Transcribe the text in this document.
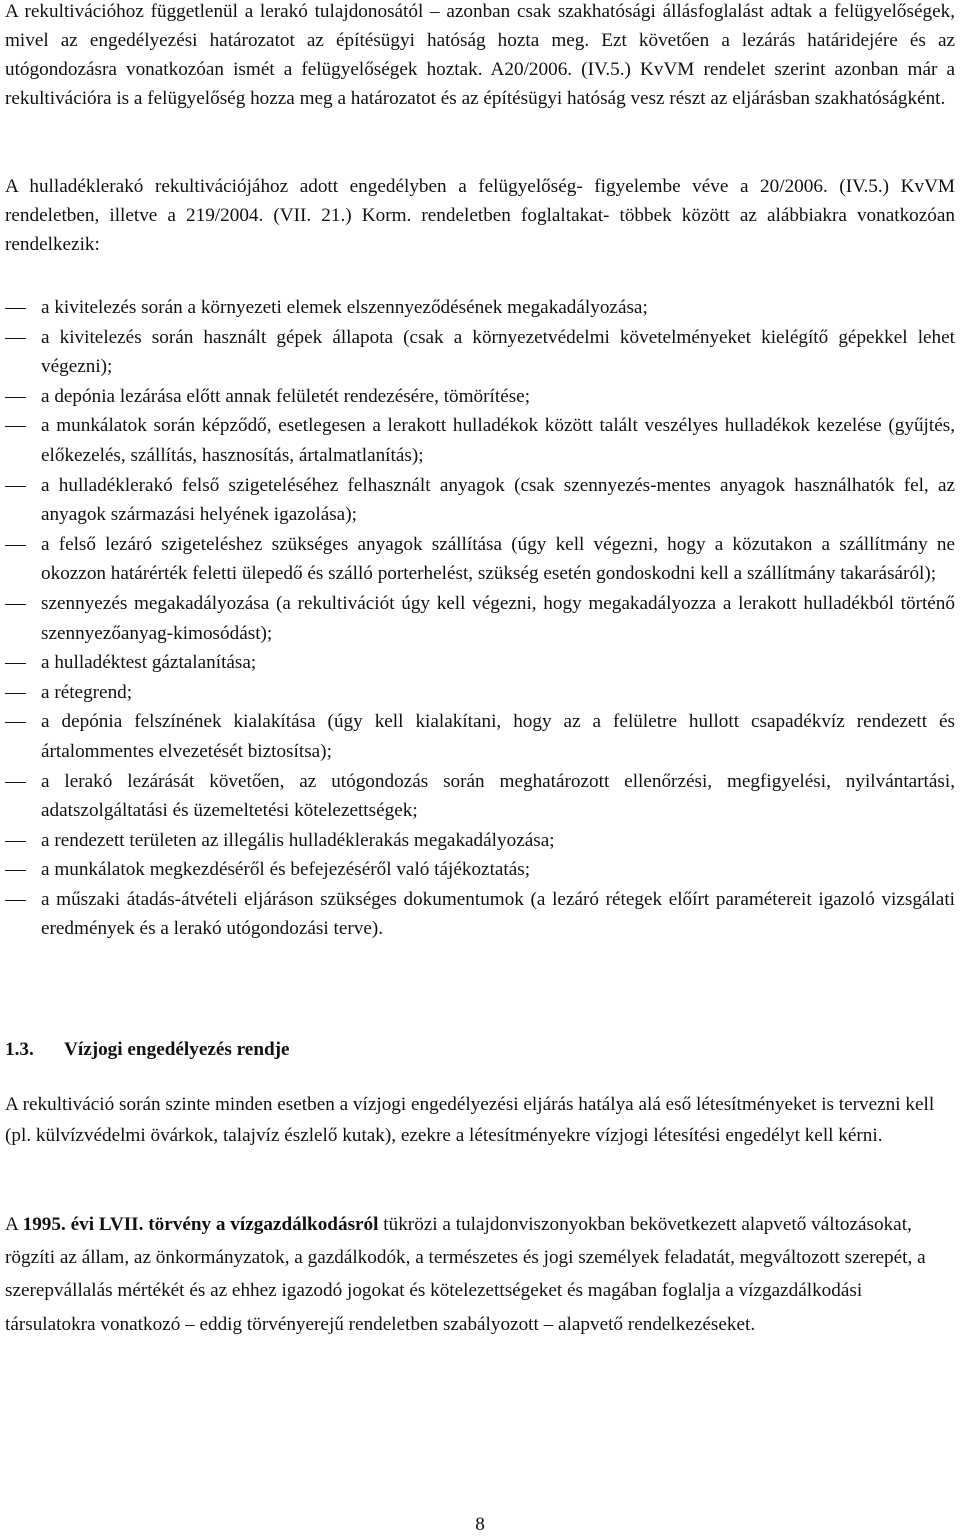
A rekultivációhoz függetlenül a lerakó tulajdonosától – azonban csak szakhatósági állásfoglalást adtak a felügyelőségek, mivel az engedélyezési határozatot az építésügyi hatóság hozta meg. Ezt követően a lezárás határidejére és az utógondozásra vonatkozóan ismét a felügyelőségek hoztak. A20/2006. (IV.5.) KvVM rendelet szerint azonban már a rekultivációra is a felügyelőség hozza meg a határozatot és az építésügyi hatóság vesz részt az eljárásban szakhatóságként.

A hulladéklerakó rekultivációjához adott engedélyben a felügyelőség- figyelembe véve a 20/2006. (IV.5.) KvVM rendeletben, illetve a 219/2004. (VII. 21.) Korm. rendeletben foglaltakat- többek között az alábbiakra vonatkozóan rendelkezik:

a kivitelezés során a környezeti elemek elszennyeződésének megakadályozása;
a kivitelezés során használt gépek állapota (csak a környezetvédelmi követelményeket kielégítő gépekkel lehet végezni);
a depónia lezárása előtt annak felületét rendezésére, tömörítése;
a munkálatok során képződő, esetlegesen a lerakott hulladékok között talált veszélyes hulladékok kezelése (gyűjtés, előkezelés, szállítás, hasznosítás, ártalmatlanítás);
a hulladéklerakó felső szigeteléséhez felhasznált anyagok (csak szennyezés-mentes anyagok használhatók fel, az anyagok származási helyének igazolása);
a felső lezáró szigeteléshez szükséges anyagok szállítása (úgy kell végezni, hogy a közutakon a szállítmány ne okozzon határérték feletti ülepedő és szálló porterhelést, szükség esetén gondoskodni kell a szállítmány takarásáról);
szennyezés megakadályozása (a rekultivációt úgy kell végezni, hogy megakadályozza a lerakott hulladékból történő szennyezőanyag-kimosódást);
a hulladéktest gáztalanítása;
a rétegrend;
a depónia felszínének kialakítása (úgy kell kialakítani, hogy az a felületre hullott csapadékvíz rendezett és ártalommentes elvezetését biztosítsa);
a lerakó lezárását követően, az utógondozás során meghatározott ellenőrzési, megfigyelési, nyilvántartási, adatszolgáltatási és üzemeltetési kötelezettségek;
a rendezett területen az illegális hulladéklerakás megakadályozása;
a munkálatok megkezdéséről és befejezéséről való tájékoztatás;
a műszaki átadás-átvételi eljáráson szükséges dokumentumok (a lezáró rétegek előírt paramétereit igazoló vizsgálati eredmények és a lerakó utógondozási terve).
1.3. Vízjogi engedélyezés rendje

A rekultiváció során szinte minden esetben a vízjogi engedélyezési eljárás hatálya alá eső létesítményeket is tervezni kell (pl. külvízvédelmi övárkok, talajvíz észlelő kutak), ezekre a létesítményekre vízjogi létesítési engedélyt kell kérni.

A 1995. évi LVII. törvény a vízgazdálkodásról tükrözi a tulajdonviszonyokban bekövetkezett alapvető változásokat, rögzíti az állam, az önkormányzatok, a gazdálkodók, a természetes és jogi személyek feladatát, megváltozott szerepét, a szerepvállalás mértékét és az ehhez igazodó jogokat és kötelezettségeket és magában foglalja a vízgazdálkodási társulatokra vonatkozó – eddig törvényerejű rendeletben szabályozott – alapvető rendelkezéseket.

8
